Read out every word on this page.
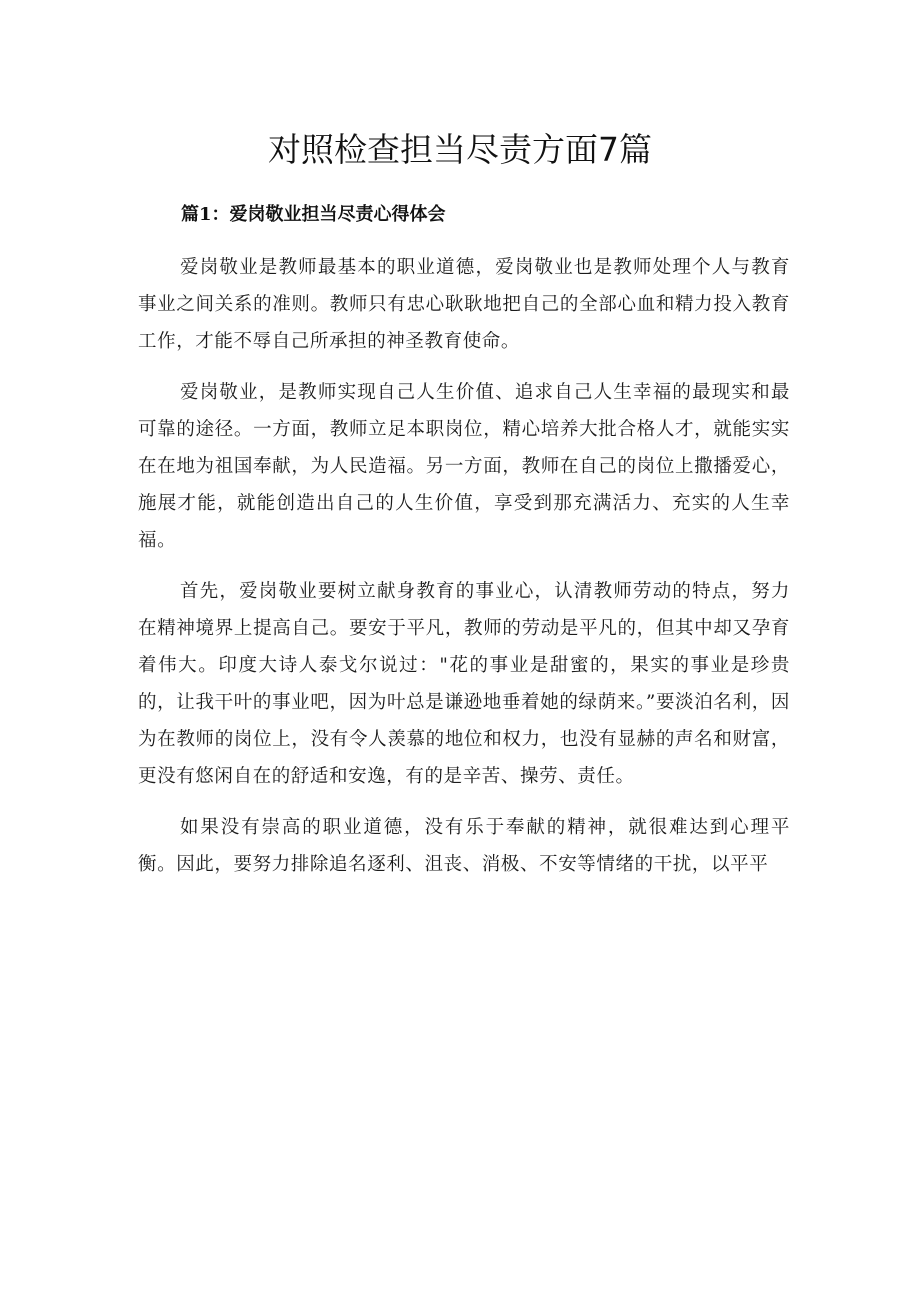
对照检查担当尽责方面7篇
篇1：爱岗敬业担当尽责心得体会

爱岗敬业是教师最基本的职业道德，爱岗敬业也是教师处理个人与教育事业之间关系的准则。教师只有忠心耿耿地把自己的全部心血和精力投入教育工作，才能不辱自己所承担的神圣教育使命。

爱岗敬业，是教师实现自己人生价值、追求自己人生幸福的最现实和最可靠的途径。一方面，教师立足本职岗位，精心培养大批合格人才，就能实实在在地为祖国奉献，为人民造福。另一方面，教师在自己的岗位上撒播爱心，施展才能，就能创造出自己的人生价值，享受到那充满活力、充实的人生幸福。

首先，爱岗敬业要树立献身教育的事业心，认清教师劳动的特点，努力在精神境界上提高自己。要安于平凡，教师的劳动是平凡的，但其中却又孕育着伟大。印度大诗人泰戈尔说过："花的事业是甜蜜的，果实的事业是珍贵的，让我干叶的事业吧，因为叶总是谦逊地垂着她的绿荫来。”要淡泊名利，因为在教师的岗位上，没有令人羡慕的地位和权力，也没有显赫的声名和财富，更没有悠闲自在的舒适和安逸，有的是辛苦、操劳、责任。

如果没有崇高的职业道德，没有乐于奉献的精神，就很难达到心理平衡。因此，要努力排除追名逐利、沮丧、消极、不安等情绪的干扰，以平平
